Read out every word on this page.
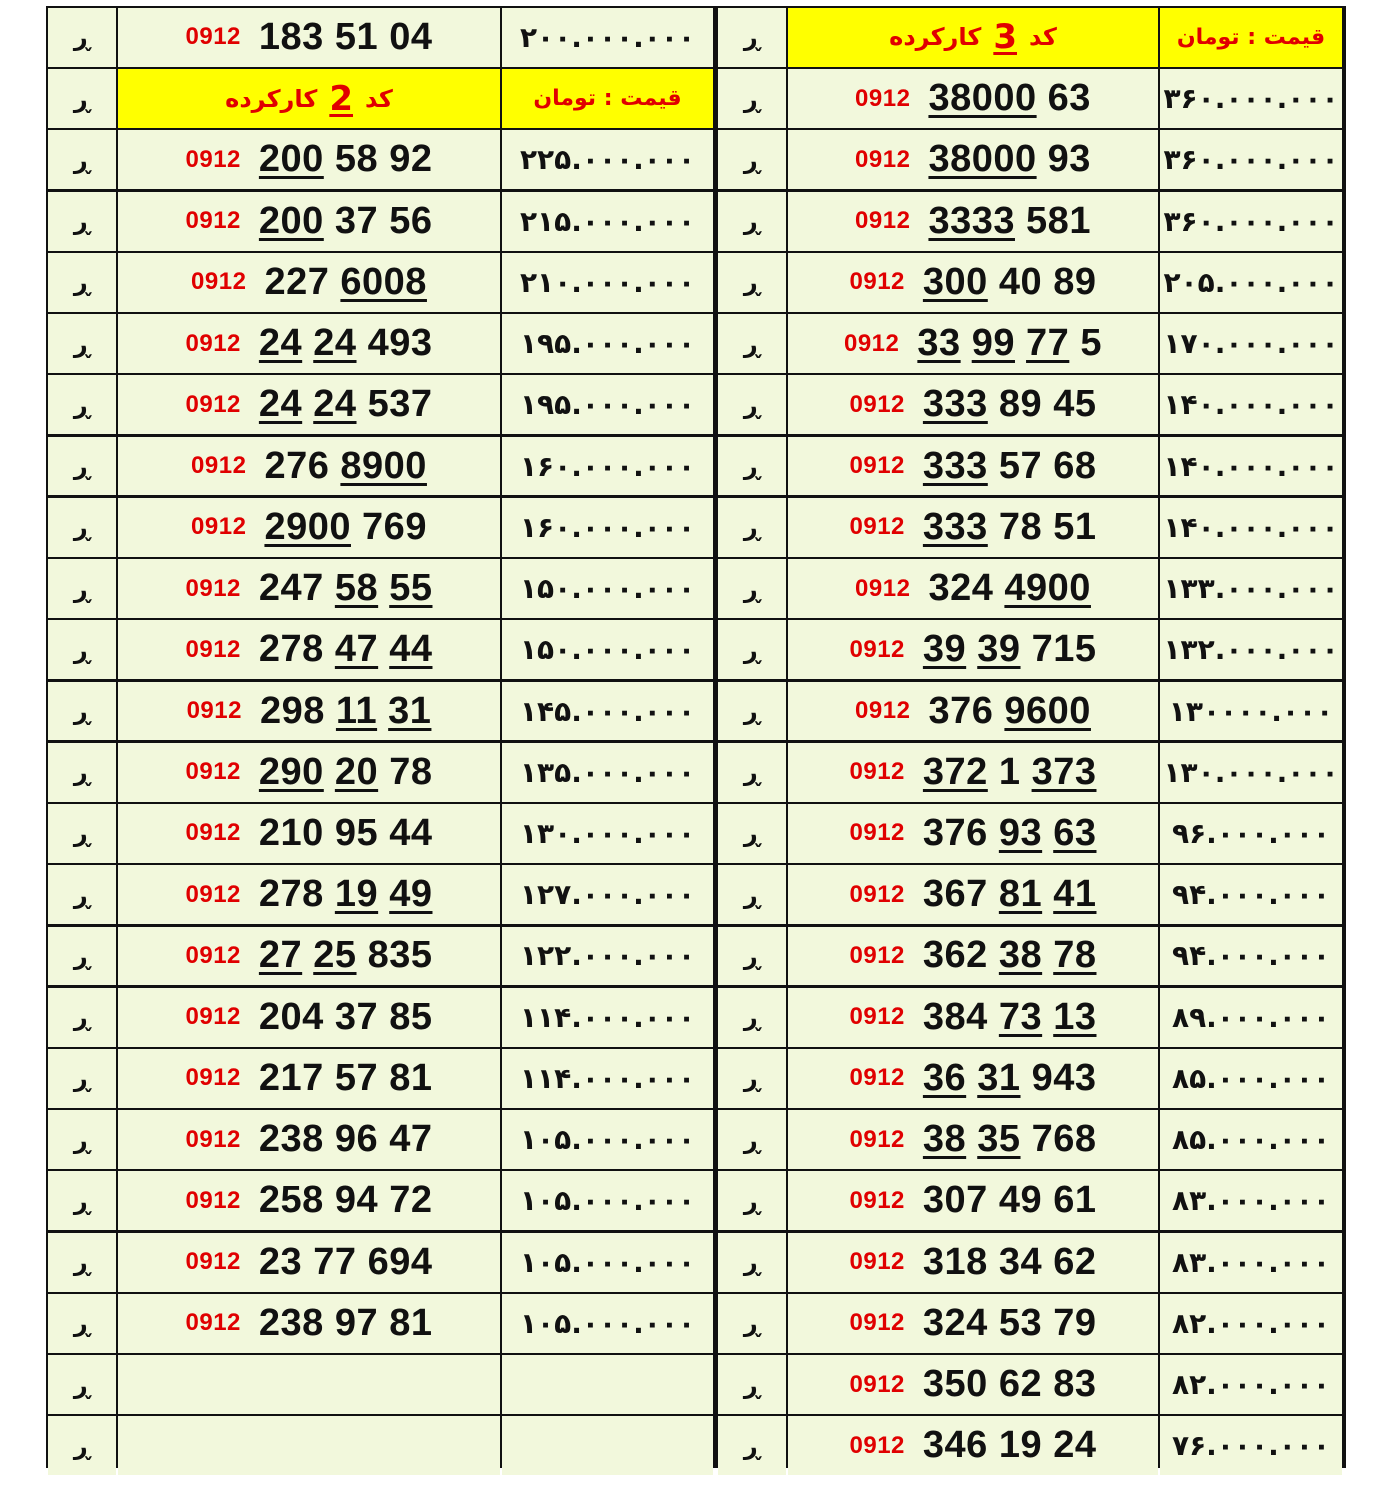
ڕ	0912 183 51 04	۲۰۰.۰۰۰.۰۰۰
ڕ	کد
2
کارکرده	قیمت : تومان
ڕ	0912 200 58 92	۲۲۵.۰۰۰.۰۰۰
ڕ	0912 200 37 56	۲۱۵.۰۰۰.۰۰۰
ڕ	0912 227 6008	۲۱۰.۰۰۰.۰۰۰
ڕ	0912 24 24 493	۱۹۵.۰۰۰.۰۰۰
ڕ	0912 24 24 537	۱۹۵.۰۰۰.۰۰۰
ڕ	0912 276 8900	۱۶۰.۰۰۰.۰۰۰
ڕ	0912 2900 769	۱۶۰.۰۰۰.۰۰۰
ڕ	0912 247 58 55	۱۵۰.۰۰۰.۰۰۰
ڕ	0912 278 47 44	۱۵۰.۰۰۰.۰۰۰
ڕ	0912 298 11 31	۱۴۵.۰۰۰.۰۰۰
ڕ	0912 290 20 78	۱۳۵.۰۰۰.۰۰۰
ڕ	0912 210 95 44	۱۳۰.۰۰۰.۰۰۰
ڕ	0912 278 19 49	۱۲۷.۰۰۰.۰۰۰
ڕ	0912 27 25 835	۱۲۲.۰۰۰.۰۰۰
ڕ	0912 204 37 85	۱۱۴.۰۰۰.۰۰۰
ڕ	0912 217 57 81	۱۱۴.۰۰۰.۰۰۰
ڕ	0912 238 96 47	۱۰۵.۰۰۰.۰۰۰
ڕ	0912 258 94 72	۱۰۵.۰۰۰.۰۰۰
ڕ	0912 23 77 694	۱۰۵.۰۰۰.۰۰۰
ڕ	0912 238 97 81	۱۰۵.۰۰۰.۰۰۰
ڕ
ڕ
ڕ	کد
3
کارکرده	قیمت : تومان
ڕ	0912 38000 63	۳۶۰.۰۰۰.۰۰۰
ڕ	0912 38000 93	۳۶۰.۰۰۰.۰۰۰
ڕ	0912 3333 581	۳۶۰.۰۰۰.۰۰۰
ڕ	0912 300 40 89 ۲۰۵.۰۰۰.۰۰۰
ڕ	0912 33 99 77 5 ۱۷۰.۰۰۰.۰۰۰
ڕ	0912 333 89 45 ۱۴۰.۰۰۰.۰۰۰
ڕ	0912 333 57 68 ۱۴۰.۰۰۰.۰۰۰
ڕ	0912 333 78 51 ۱۴۰.۰۰۰.۰۰۰
ڕ	0912 324 4900	۱۳۳.۰۰۰.۰۰۰
ڕ	0912 39 39 715 ۱۳۲.۰۰۰.۰۰۰
ڕ	0912 376 9600	۱۳۰۰۰۰.۰۰۰
ڕ	0912 372 1 373 ۱۳۰.۰۰۰.۰۰۰
ڕ	0912 376 93 63	۹۶.۰۰۰.۰۰۰
ڕ	0912 367 81 41	۹۴.۰۰۰.۰۰۰
ڕ	0912 362 38 78	۹۴.۰۰۰.۰۰۰
ڕ	0912 384 73 13	۸۹.۰۰۰.۰۰۰
ڕ	0912 36 31 943	۸۵.۰۰۰.۰۰۰
ڕ	0912 38 35 768	۸۵.۰۰۰.۰۰۰
ڕ	0912 307 49 61	۸۳.۰۰۰.۰۰۰
ڕ	0912 318 34 62	۸۳.۰۰۰.۰۰۰
ڕ	0912 324 53 79	۸۲.۰۰۰.۰۰۰
ڕ	0912 350 62 83	۸۲.۰۰۰.۰۰۰
ڕ	0912 346 19 24	۷۶.۰۰۰.۰۰۰
